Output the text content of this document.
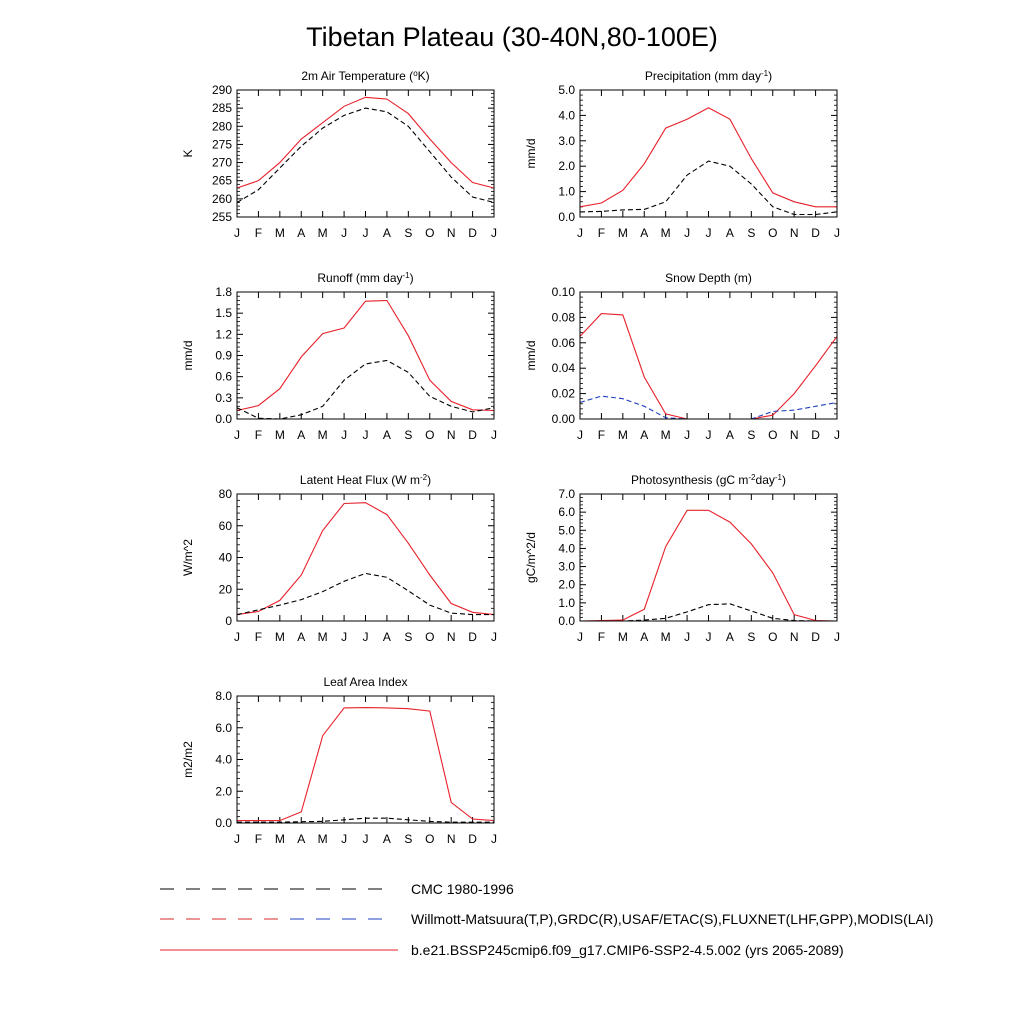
Tibetan Plateau (30-40N,80-100E)
2m Air Temperature ($^o$K)
K
255
260
265
270
275
280
285
290
J F M A M J J A S O N D J
Precipitation (mm day$^{-1}$)
mm/d
0.0
1.0
2.0
3.0
4.0
5.0
J F M A M J J A S O N D J
Runoff (mm day$^{-1}$)
mm/d
0.0
0.3
0.6
0.9
1.2
1.5
1.8
J F M A M J J A S O N D J
Snow Depth (m)
mm/d
0.00
0.02
0.04
0.06
0.08
0.10
J F M A M J J A S O N D J
Latent Heat Flux (W $m^{-2}$)
W/m^2
0
20
40
60
80
J F M A M J J A S O N D J
Photosynthesis (gC $m^{-2}day^{-1}$)
gC/m^2/d
0.0
1.0
2.0
3.0
4.0
5.0
6.0
7.0
J F M A M J J A S O N D J
Leaf Area Index
m2/m2
0.0
2.0
4.0
6.0
8.0
J F M A M J J A S O N D J
CMC 1980-1996
Willmott-Matsuura(T,P),GRDC(R),USAF/ETAC(S),FLUXNET(LHF,GPP),MODIS(LAI)
b.e21.BSSP245cmip6.f09_g17.CMIP6-SSP2-4.5.002 (yrs 2065-2089)
